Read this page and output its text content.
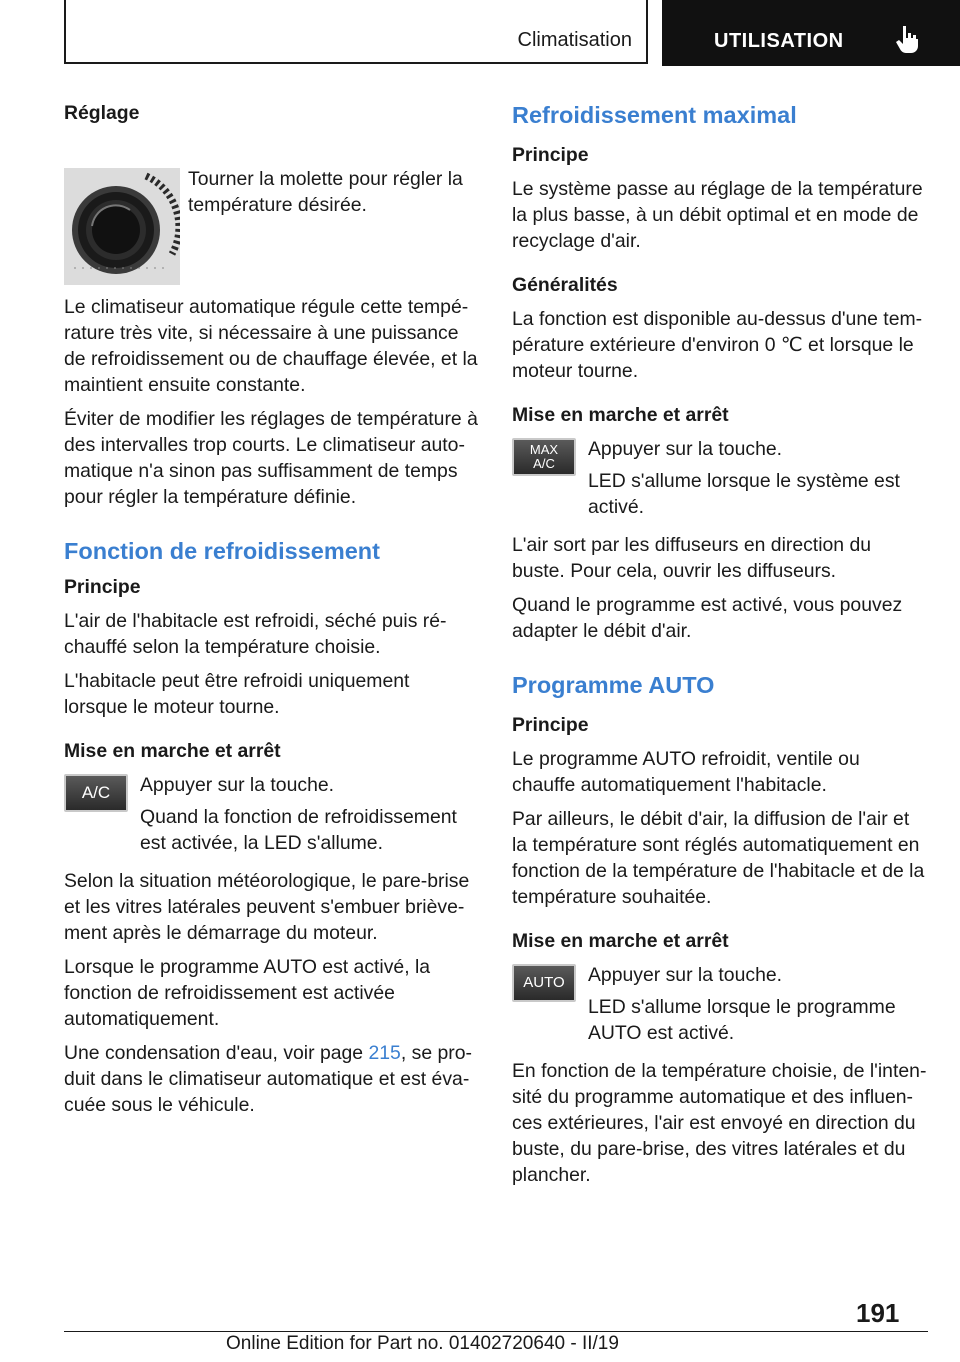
Climatisation	UTILISATION

Réglage

Tourner la molette pour régler la température désirée.

Le climatiseur automatique régule cette température très vite, si nécessaire à une puissance de refroidissement ou de chauffage élevée, et la maintient ensuite constante.

Éviter de modifier les réglages de température à des intervalles trop courts. Le climatiseur automatique n'a sinon pas suffisamment de temps pour régler la température définie.

Fonction de refroidissement

Principe

L'air de l'habitacle est refroidi, séché puis réchauffé selon la température choisie.

L'habitacle peut être refroidi uniquement lorsque le moteur tourne.

Mise en marche et arrêt

A/C	Appuyer sur la touche.

Quand la fonction de refroidissement est activée, la LED s'allume.

Selon la situation météorologique, le pare-brise et les vitres latérales peuvent s'embuer brièvement après le démarrage du moteur.

Lorsque le programme AUTO est activé, la fonction de refroidissement est activée automatiquement.

Une condensation d'eau, voir page 215, se produit dans le climatiseur automatique et est évacuée sous le véhicule.

Refroidissement maximal

Principe

Le système passe au réglage de la température la plus basse, à un débit optimal et en mode de recyclage d'air.

Généralités

La fonction est disponible au-dessus d'une température extérieure d'environ 0 ℃ et lorsque le moteur tourne.

Mise en marche et arrêt

MAX
A/C

Appuyer sur la touche.

LED s'allume lorsque le système est activé.

L'air sort par les diffuseurs en direction du buste. Pour cela, ouvrir les diffuseurs.

Quand le programme est activé, vous pouvez adapter le débit d'air.

Programme AUTO

Principe

Le programme AUTO refroidit, ventile ou chauffe automatiquement l'habitacle.

Par ailleurs, le débit d'air, la diffusion de l'air et la température sont réglés automatiquement en fonction de la température de l'habitacle et de la température souhaitée.

Mise en marche et arrêt

AUTO	Appuyer sur la touche.

LED s'allume lorsque le programme AUTO est activé.

En fonction de la température choisie, de l'intensité du programme automatique et des influences extérieures, l'air est envoyé en direction du buste, du pare-brise, des vitres latérales et du plancher.

191
Online Edition for Part no. 01402720640 - II/19
